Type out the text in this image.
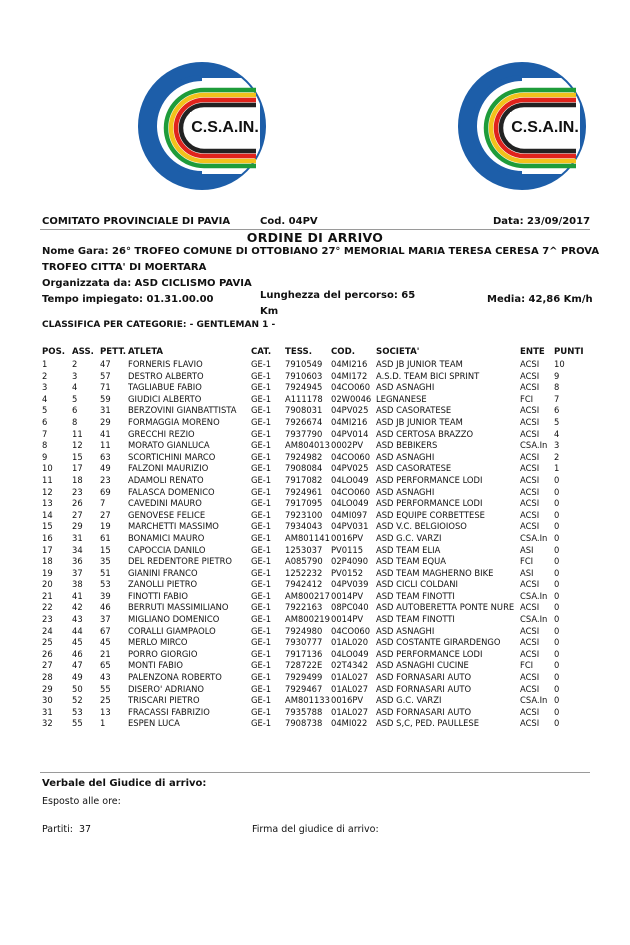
C.S.A.IN.	C.S.A.IN.
COMITATO PROVINCIALE DI PAVIA	Cod. 04PV	Data: 23/09/2017
ORDINE DI ARRIVO
Nome Gara: 26° TROFEO COMUNE DI OTTOBIANO 27° MEMORIAL MARIA TERESA CERESA 7^ PROVA
TROFEO CITTA' DI MOERTARA
Organizzata da: ASD CICLISMO PAVIA
Tempo impiegato: 01.31.00.00	Lunghezza del percorso: 65
Km
Media: 42,86 Km/h
CLASSIFICA PER CATEGORIE: - GENTLEMAN 1 -
POS. ASS. PETT. ATLETA	CAT.	TESS.	COD.	SOCIETA'	ENTE	PUNTI
1	2	47	FORNERIS FLAVIO	GE-1	7910549	04MI216	ASD JB JUNIOR TEAM	ACSI	10
2	3	57	DESTRO ALBERTO	GE-1	7910603	04MI172	A.S.D. TEAM BICI SPRINT	ACSI	9
3	4	71	TAGLIABUE FABIO	GE-1	7924945	04CO060 ASD ASNAGHI	ACSI	8
4	5	59	GIUDICI ALBERTO	GE-1	A111178 02W0046 LEGNANESE	FCI	7
5	6	31	BERZOVINI GIANBATTISTA	GE-1	7908031	04PV025 ASD CASORATESE	ACSI	6
6	8	29	FORMAGGIA MORENO	GE-1	7926674	04MI216	ASD JB JUNIOR TEAM	ACSI	5
7	11	41	GRECCHI REZIO	GE-1	7937790	04PV014 ASD CERTOSA BRAZZO	ACSI	4
8	12	11	MORATO GIANLUCA	GE-1	AM804013 0002PV	ASD BEBIKERS	CSA.In 3
9	15	63	SCORTICHINI MARCO	GE-1	7924982	04CO060 ASD ASNAGHI	ACSI	2
10	17	49	FALZONI MAURIZIO	GE-1	7908084	04PV025 ASD CASORATESE	ACSI	1
11	18	23	ADAMOLI RENATO	GE-1	7917082	04LO049 ASD PERFORMANCE LODI	ACSI	0
12	23	69	FALASCA DOMENICO	GE-1	7924961	04CO060 ASD ASNAGHI	ACSI	0
13	26	7	CAVEDINI MAURO	GE-1	7917095	04LO049 ASD PERFORMANCE LODI	ACSI	0
14	27	27	GENOVESE FELICE	GE-1	7923100	04MI097	ASD EQUIPE CORBETTESE	ACSI	0
15	29	19	MARCHETTI MASSIMO	GE-1	7934043	04PV031 ASD V.C. BELGIOIOSO	ACSI	0
16	31	61	BONAMICI MAURO	GE-1	AM801141 0016PV	ASD G.C. VARZI	CSA.In 0
17	34	15	CAPOCCIA DANILO	GE-1	1253037	PV0115	ASD TEAM ELIA	ASI	0
18	36	35	DEL REDENTORE PIETRO	GE-1	A085790 02P4090 ASD TEAM EQUA	FCI	0
19	37	51	GIANINI FRANCO	GE-1	1252232	PV0152	ASD TEAM MAGHERNO BIKE	ASI	0
20	38	53	ZANOLLI PIETRO	GE-1	7942412	04PV039 ASD CICLI COLDANI	ACSI	0
21	41	39	FINOTTI FABIO	GE-1	AM800217 0014PV	ASD TEAM FINOTTI	CSA.In 0
22	42	46	BERRUTI MASSIMILIANO	GE-1	7922163	08PC040 ASD AUTOBERETTA PONTE NURE ACSI	0
23	43	37	MIGLIANO DOMENICO	GE-1	AM800219 0014PV	ASD TEAM FINOTTI	CSA.In 0
24	44	67	CORALLI GIAMPAOLO	GE-1	7924980	04CO060 ASD ASNAGHI	ACSI	0
25	45	45	MERLO MIRCO	GE-1	7930777	01AL020 ASD COSTANTE GIRARDENGO	ACSI	0
26	46	21	PORRO GIORGIO	GE-1	7917136	04LO049 ASD PERFORMANCE LODI	ACSI	0
27	47	65	MONTI FABIO	GE-1	728722E	02T4342 ASD ASNAGHI CUCINE	FCI	0
28	49	43	PALENZONA ROBERTO	GE-1	7929499	01AL027 ASD FORNASARI AUTO	ACSI	0
29	50	55	DISERO' ADRIANO	GE-1	7929467	01AL027 ASD FORNASARI AUTO	ACSI	0
30	52	25	TRISCARI PIETRO	GE-1	AM801133 0016PV	ASD G.C. VARZI	CSA.In 0
31	53	13	FRACASSI FABRIZIO	GE-1	7935788	01AL027 ASD FORNASARI AUTO	ACSI	0
32	55	1	ESPEN LUCA	GE-1	7908738	04MI022	ASD S,C, PED. PAULLESE	ACSI	0
Verbale del Giudice di arrivo:
Esposto alle ore:
Partiti:  37	Firma del giudice di arrivo:
